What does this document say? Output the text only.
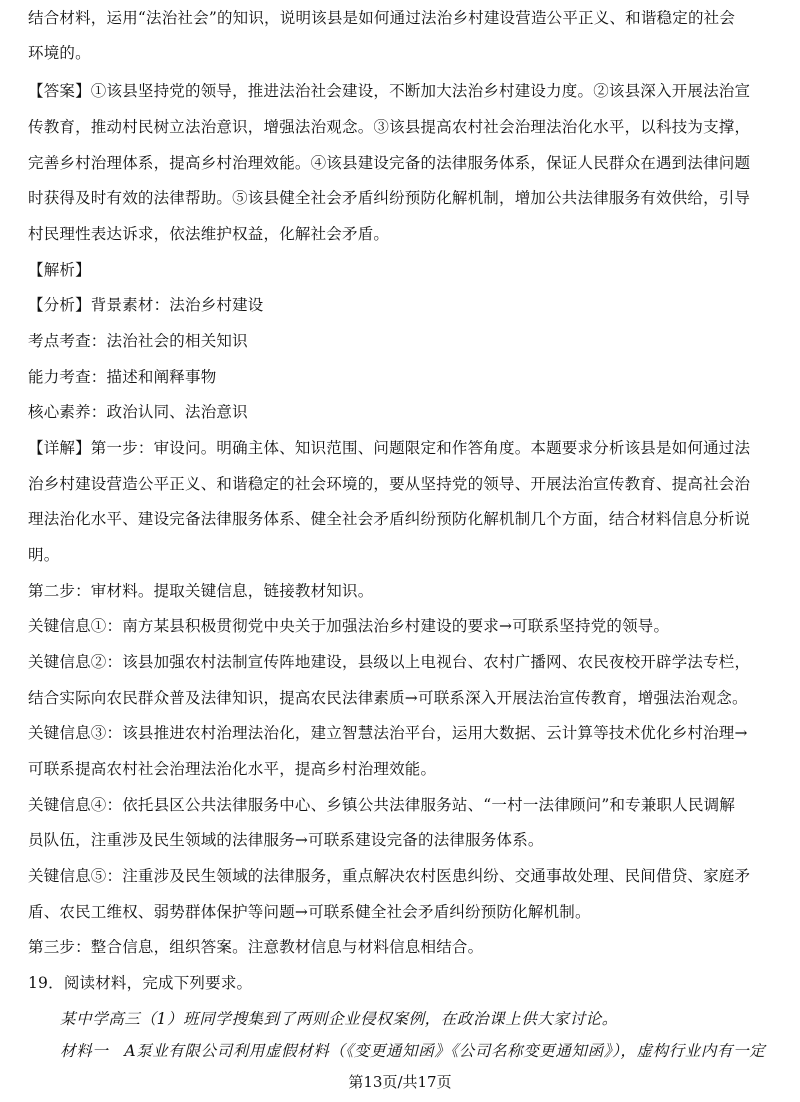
结合材料，运用“法治社会”的知识，说明该县是如何通过法治乡村建设营造公平正义、和谐稳定的社会
环境的。
【答案】①该县坚持党的领导，推进法治社会建设，不断加大法治乡村建设力度。②该县深入开展法治宣
传教育，推动村民树立法治意识，增强法治观念。③该县提高农村社会治理法治化水平，以科技为支撑，
完善乡村治理体系，提高乡村治理效能。④该县建设完备的法律服务体系，保证人民群众在遇到法律问题
时获得及时有效的法律帮助。⑤该县健全社会矛盾纠纷预防化解机制，增加公共法律服务有效供给，引导
村民理性表达诉求，依法维护权益，化解社会矛盾。
【解析】
【分析】背景素材：法治乡村建设
考点考查：法治社会的相关知识
能力考查：描述和阐释事物
核心素养：政治认同、法治意识
【详解】第一步：审设问。明确主体、知识范围、问题限定和作答角度。本题要求分析该县是如何通过法
治乡村建设营造公平正义、和谐稳定的社会环境的，要从坚持党的领导、开展法治宣传教育、提高社会治
理法治化水平、建设完备法律服务体系、健全社会矛盾纠纷预防化解机制几个方面，结合材料信息分析说
明。
第二步：审材料。提取关键信息，链接教材知识。
关键信息①：南方某县积极贯彻党中央关于加强法治乡村建设的要求→可联系坚持党的领导。
关键信息②：该县加强农村法制宣传阵地建设，县级以上电视台、农村广播网、农民夜校开辟学法专栏，
结合实际向农民群众普及法律知识，提高农民法律素质→可联系深入开展法治宣传教育，增强法治观念。
关键信息③：该县推进农村治理法治化，建立智慧法治平台，运用大数据、云计算等技术优化乡村治理→
可联系提高农村社会治理法治化水平，提高乡村治理效能。
关键信息④：依托县区公共法律服务中心、乡镇公共法律服务站、“一村一法律顾问”和专兼职人民调解
员队伍，注重涉及民生领域的法律服务→可联系建设完备的法律服务体系。
关键信息⑤：注重涉及民生领域的法律服务，重点解决农村医患纠纷、交通事故处理、民间借贷、家庭矛
盾、农民工维权、弱势群体保护等问题→可联系健全社会矛盾纠纷预防化解机制。
第三步：整合信息，组织答案。注意教材信息与材料信息相结合。
19．阅读材料，完成下列要求。
某中学高三（1）班同学搜集到了两则企业侵权案例，在政治课上供大家讨论。
材料一　A泵业有限公司利用虚假材料（《变更通知函》《公司名称变更通知函》），虚构行业内有一定
第13页/共17页
